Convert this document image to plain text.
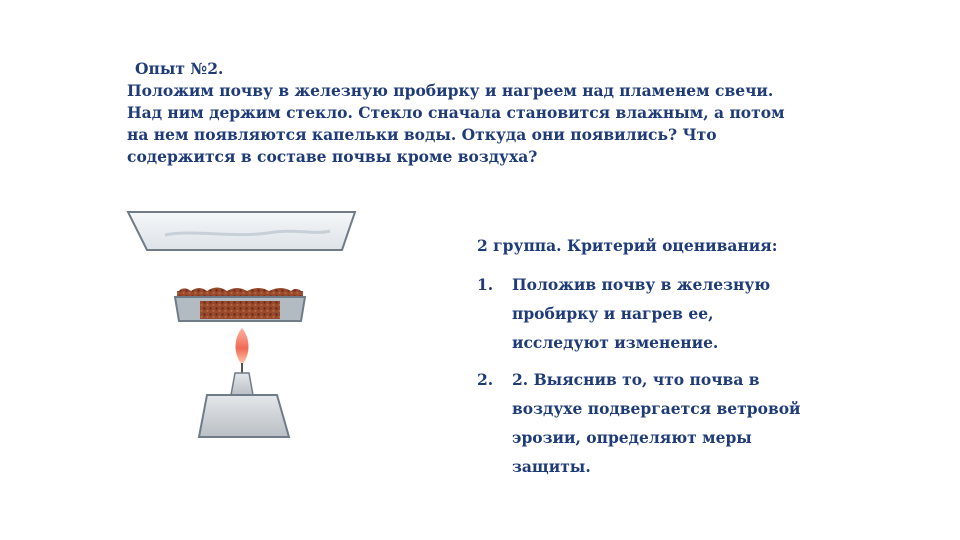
Опыт №2.
Положим почву в железную пробирку и нагреем над пламенем свечи.
Над ним держим стекло. Стекло сначала становится влажным, а потом
на нем появляются капельки воды. Откуда они появились? Что
содержится в составе почвы кроме воздуха?
2 группа. Критерий оценивания:
1. Положив почву в железную пробирку и нагрев ее, исследуют изменение.
2. 2. Выяснив то, что почва в воздухе подвергается ветровой эрозии, определяют меры защиты.
